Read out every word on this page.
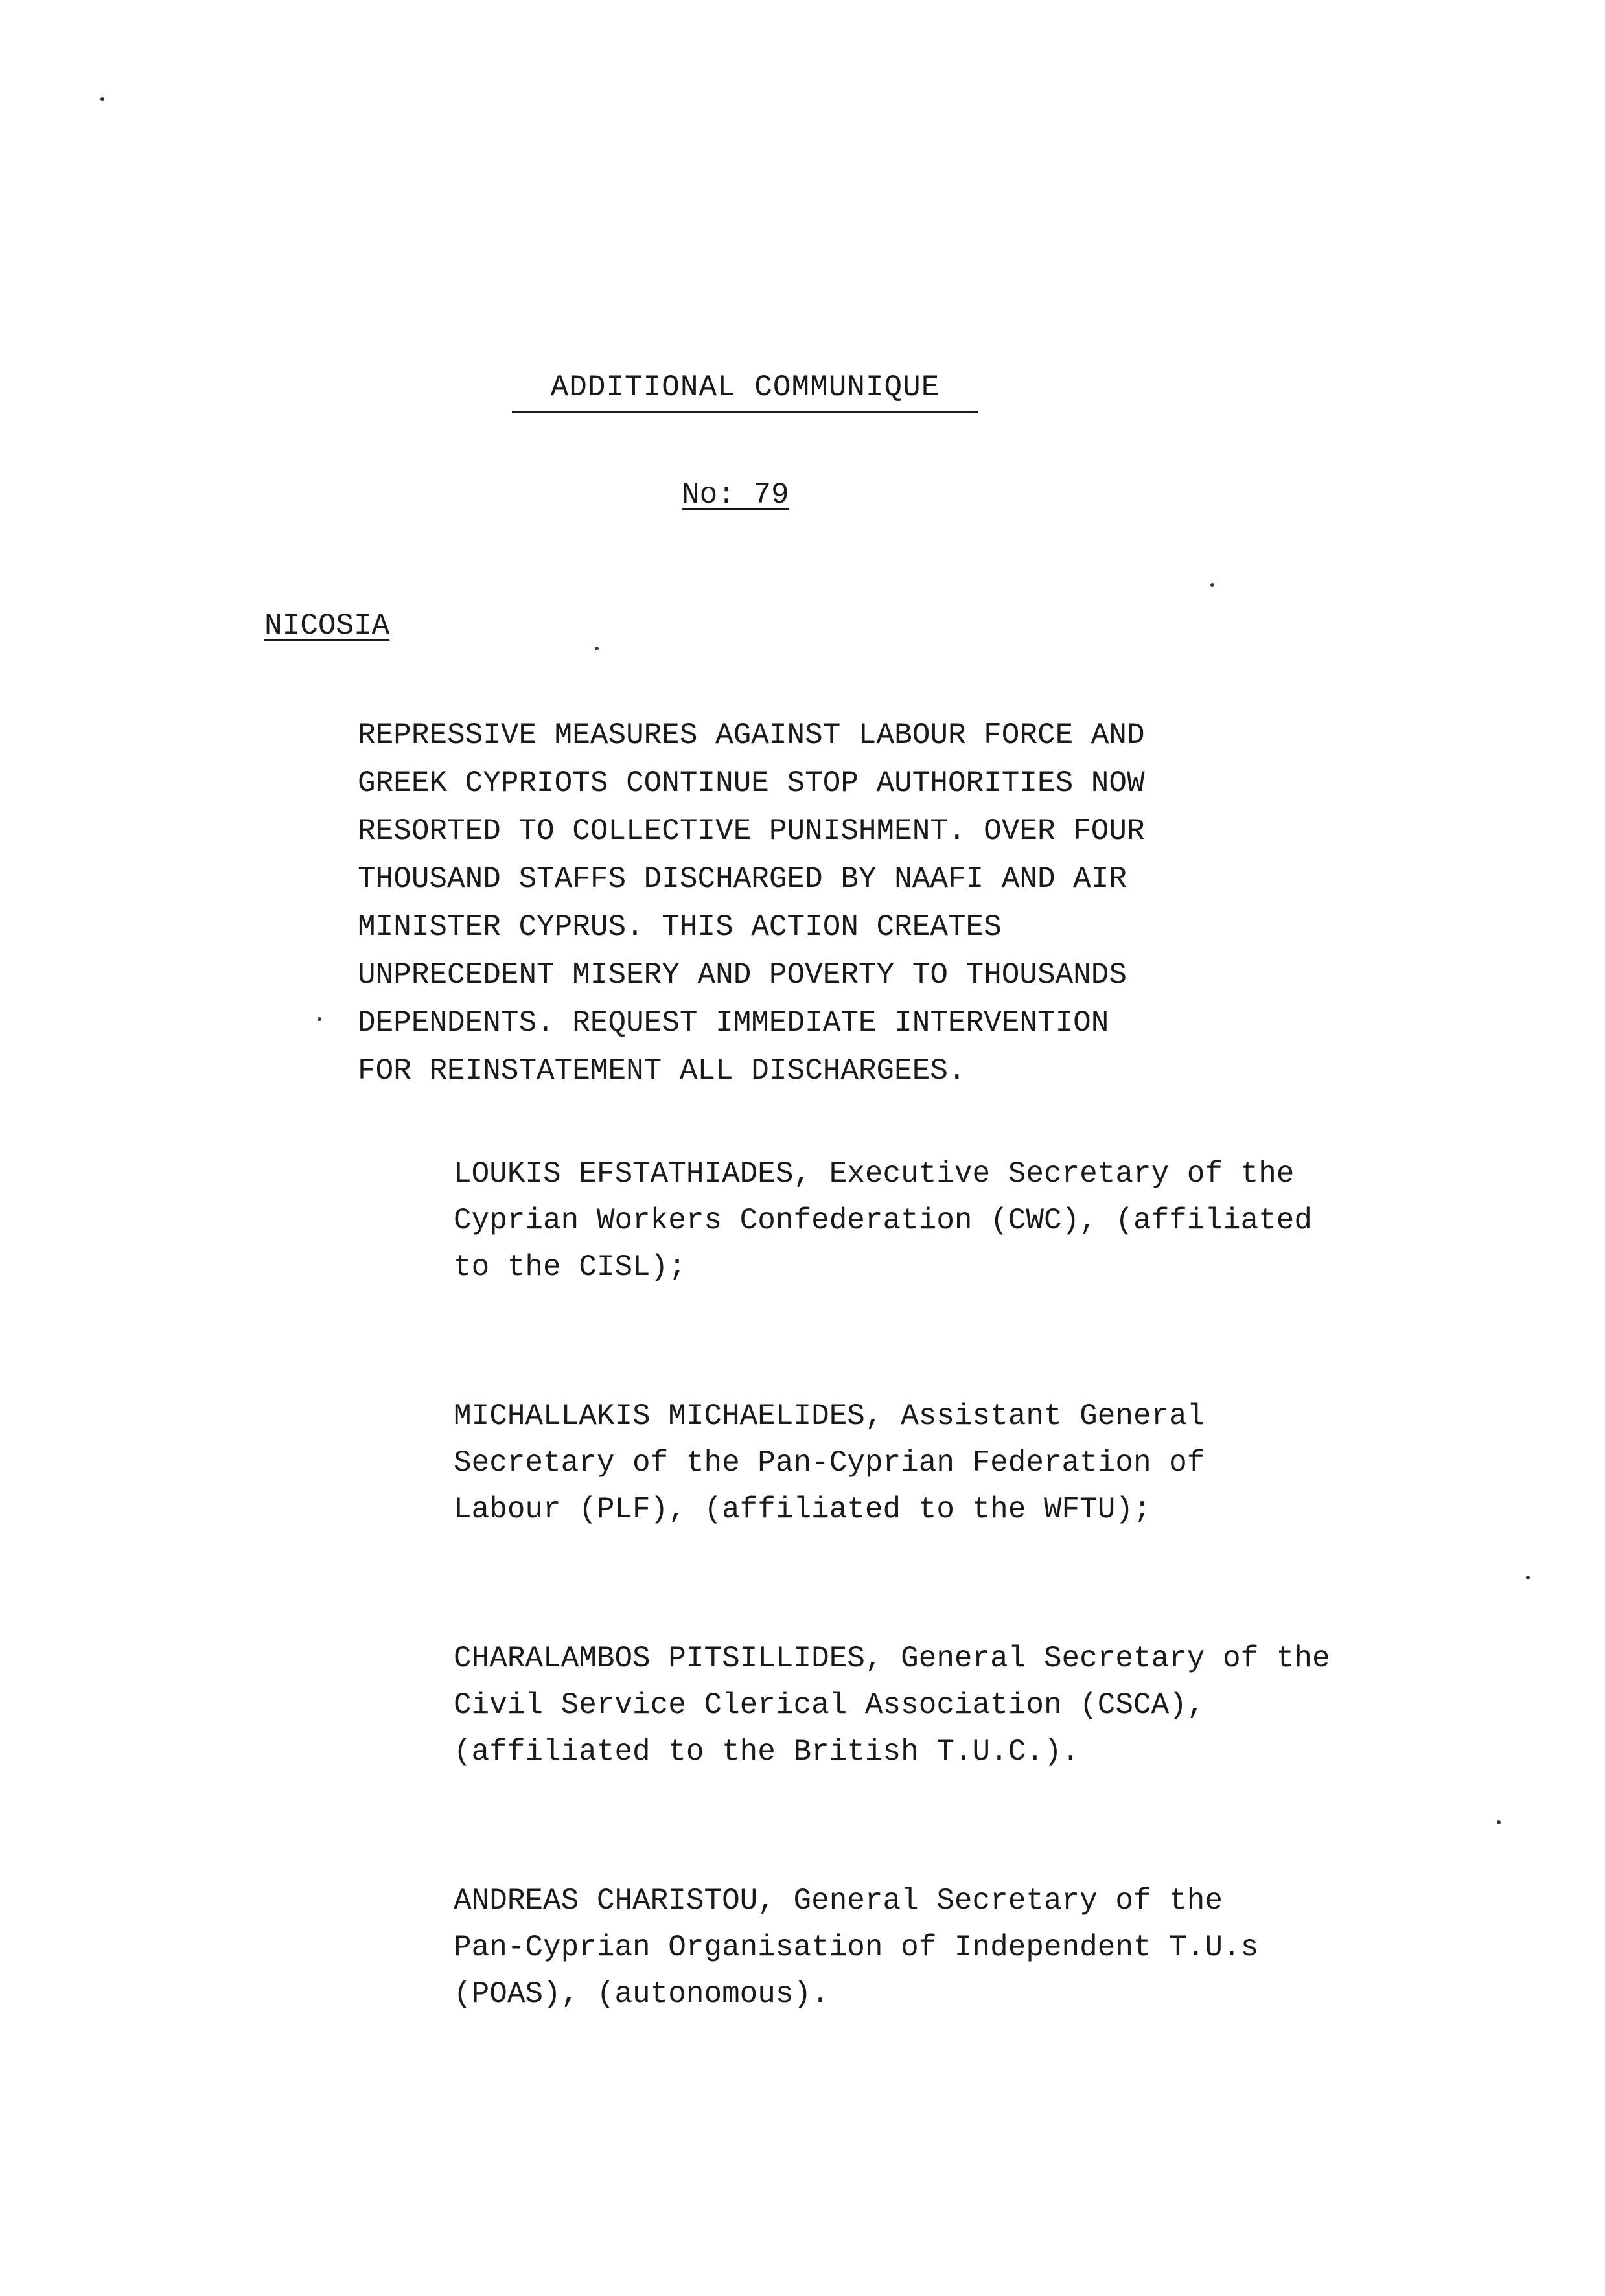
ADDITIONAL COMMUNIQUE
No: 79
NICOSIA
REPRESSIVE MEASURES AGAINST LABOUR FORCE AND
GREEK CYPRIOTS CONTINUE STOP AUTHORITIES NOW
RESORTED TO COLLECTIVE PUNISHMENT. OVER FOUR
THOUSAND STAFFS DISCHARGED BY NAAFI AND AIR
MINISTER CYPRUS. THIS ACTION CREATES
UNPRECEDENT MISERY AND POVERTY TO THOUSANDS
DEPENDENTS. REQUEST IMMEDIATE INTERVENTION
FOR REINSTATEMENT ALL DISCHARGEES.
LOUKIS EFSTATHIADES, Executive Secretary of the
Cyprian Workers Confederation (CWC), (affiliated
to the CISL);
MICHALLAKIS MICHAELIDES, Assistant General
Secretary of the Pan-Cyprian Federation of
Labour (PLF), (affiliated to the WFTU);
CHARALAMBOS PITSILLIDES, General Secretary of the
Civil Service Clerical Association (CSCA),
(affiliated to the British T.U.C.).
ANDREAS CHARISTOU, General Secretary of the
Pan-Cyprian Organisation of Independent T.U.s
(POAS), (autonomous).
